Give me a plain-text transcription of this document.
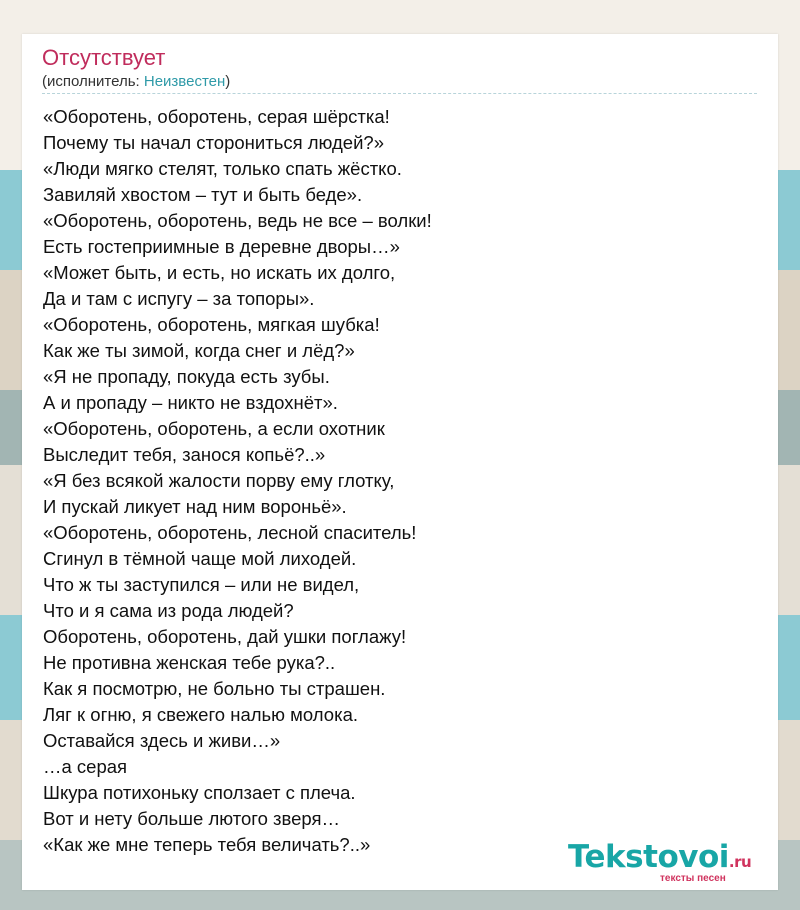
Отсутствует
(исполнитель: Неизвестен)
«Оборотень, оборотень, серая шёрстка!
Почему ты начал сторониться людей?»
«Люди мягко стелят, только спать жёстко.
Завиляй хвостом – тут и быть беде».
«Оборотень, оборотень, ведь не все – волки!
Есть гостеприимные в деревне дворы…»
«Может быть, и есть, но искать их долго,
Да и там с испугу – за топоры».
«Оборотень, оборотень, мягкая шубка!
Как же ты зимой, когда снег и лёд?»
«Я не пропаду, покуда есть зубы.
А и пропаду – никто не вздохнёт».
«Оборотень, оборотень, а если охотник
Выследит тебя, занося копьё?..»
«Я без всякой жалости порву ему глотку,
И пускай ликует над ним вороньё».
«Оборотень, оборотень, лесной спаситель!
Сгинул в тёмной чаще мой лиходей.
Что ж ты заступился – или не видел,
Что и я сама из рода людей?
Оборотень, оборотень, дай ушки поглажу!
Не противна женская тебе рука?..
Как я посмотрю, не больно ты страшен.
Ляг к огню, я свежего налью молока.
Оставайся здесь и живи…»
…а серая
Шкура потихоньку сползает с плеча.
Вот и нету больше лютого зверя…
«Как же мне теперь тебя величать?..»	Tekstovoi.ru
тексты песен
